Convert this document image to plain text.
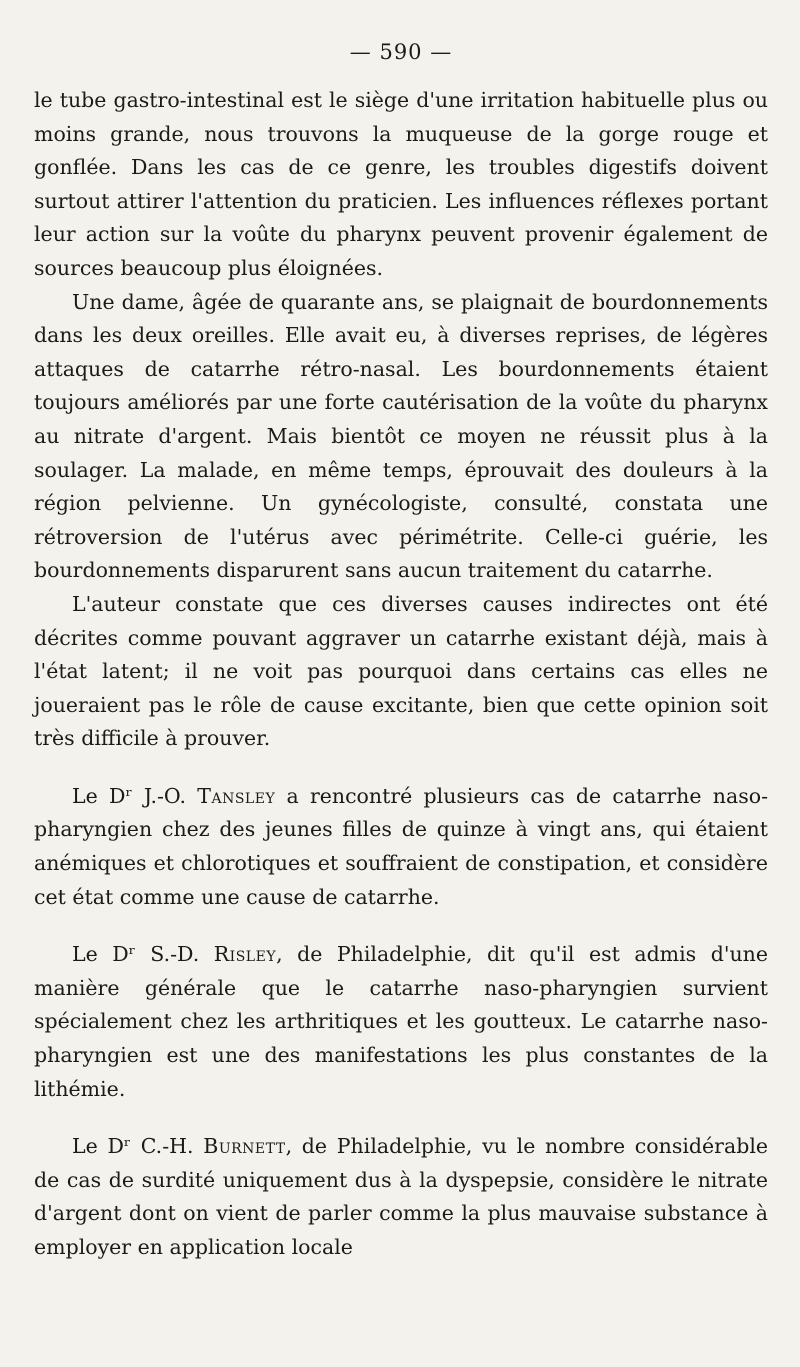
— 590 —

le tube gastro-intestinal est le siège d'une irritation habituelle plus ou moins grande, nous trouvons la muqueuse de la gorge rouge et gonflée. Dans les cas de ce genre, les troubles digestifs doivent surtout attirer l'attention du praticien. Les influences réflexes portant leur action sur la voûte du pharynx peuvent provenir également de sources beaucoup plus éloignées.

Une dame, âgée de quarante ans, se plaignait de bourdonnements dans les deux oreilles. Elle avait eu, à diverses reprises, de légères attaques de catarrhe rétro-nasal. Les bourdonnements étaient toujours améliorés par une forte cautérisation de la voûte du pharynx au nitrate d'argent. Mais bientôt ce moyen ne réussit plus à la soulager. La malade, en même temps, éprouvait des douleurs à la région pelvienne. Un gynécologiste, consulté, constata une rétroversion de l'utérus avec périmétrite. Celle-ci guérie, les bourdonnements disparurent sans aucun traitement du catarrhe.

L'auteur constate que ces diverses causes indirectes ont été décrites comme pouvant aggraver un catarrhe existant déjà, mais à l'état latent; il ne voit pas pourquoi dans certains cas elles ne joueraient pas le rôle de cause excitante, bien que cette opinion soit très difficile à prouver.

Le Dʳ J.-O. Tansley a rencontré plusieurs cas de catarrhe naso-pharyngien chez des jeunes filles de quinze à vingt ans, qui étaient anémiques et chlorotiques et souffraient de constipation, et considère cet état comme une cause de catarrhe.

Le Dʳ S.-D. Risley, de Philadelphie, dit qu'il est admis d'une manière générale que le catarrhe naso-pharyngien survient spécialement chez les arthritiques et les goutteux. Le catarrhe naso-pharyngien est une des manifestations les plus constantes de la lithémie.

Le Dʳ C.-H. Burnett, de Philadelphie, vu le nombre considérable de cas de surdité uniquement dus à la dyspepsie, considère le nitrate d'argent dont on vient de parler comme la plus mauvaise substance à employer en application locale
